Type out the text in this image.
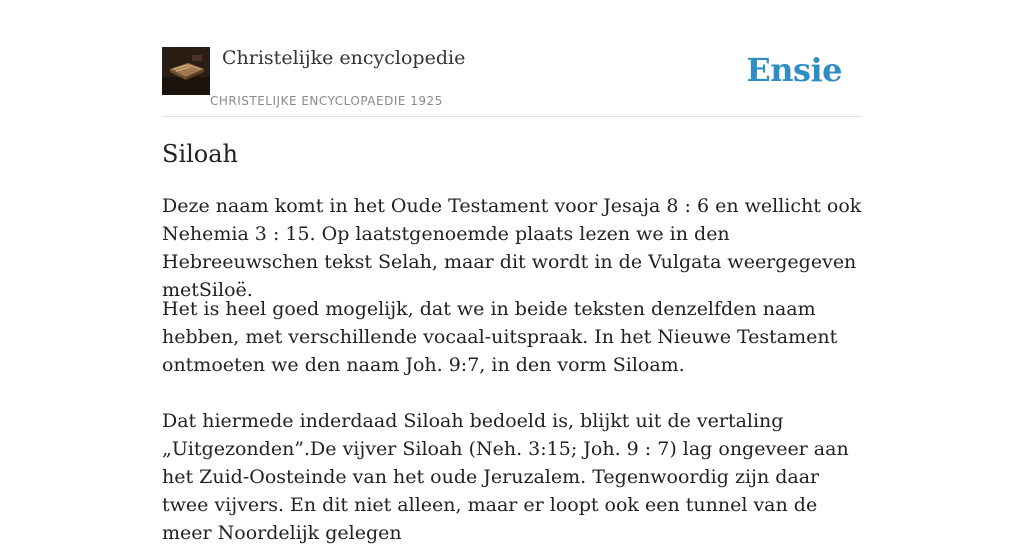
Christelijke encyclopedie
CHRISTELIJKE ENCYCLOPAEDIE 1925
Ensie
Siloah

Deze naam komt in het Oude Testament voor Jesaja 8 : 6 en wellicht ook Nehemia 3 : 15. Op laatstgenoemde plaats lezen we in den Hebreeuwschen tekst Selah, maar dit wordt in de Vulgata weergegeven metSiloë.

Het is heel goed mogelijk, dat we in beide teksten denzelfden naam hebben, met verschillende vocaal-uitspraak. In het Nieuwe Testament ontmoeten we den naam Joh. 9:7, in den vorm Siloam.

Dat hiermede inderdaad Siloah bedoeld is, blijkt uit de vertaling „Uitgezonden”.De vijver Siloah (Neh. 3:15; Joh. 9 : 7) lag ongeveer aan het Zuid-Oosteinde van het oude Jeruzalem. Tegenwoordig zijn daar twee vijvers. En dit niet alleen, maar er loopt ook een tunnel van de meer Noordelijk gelegen
